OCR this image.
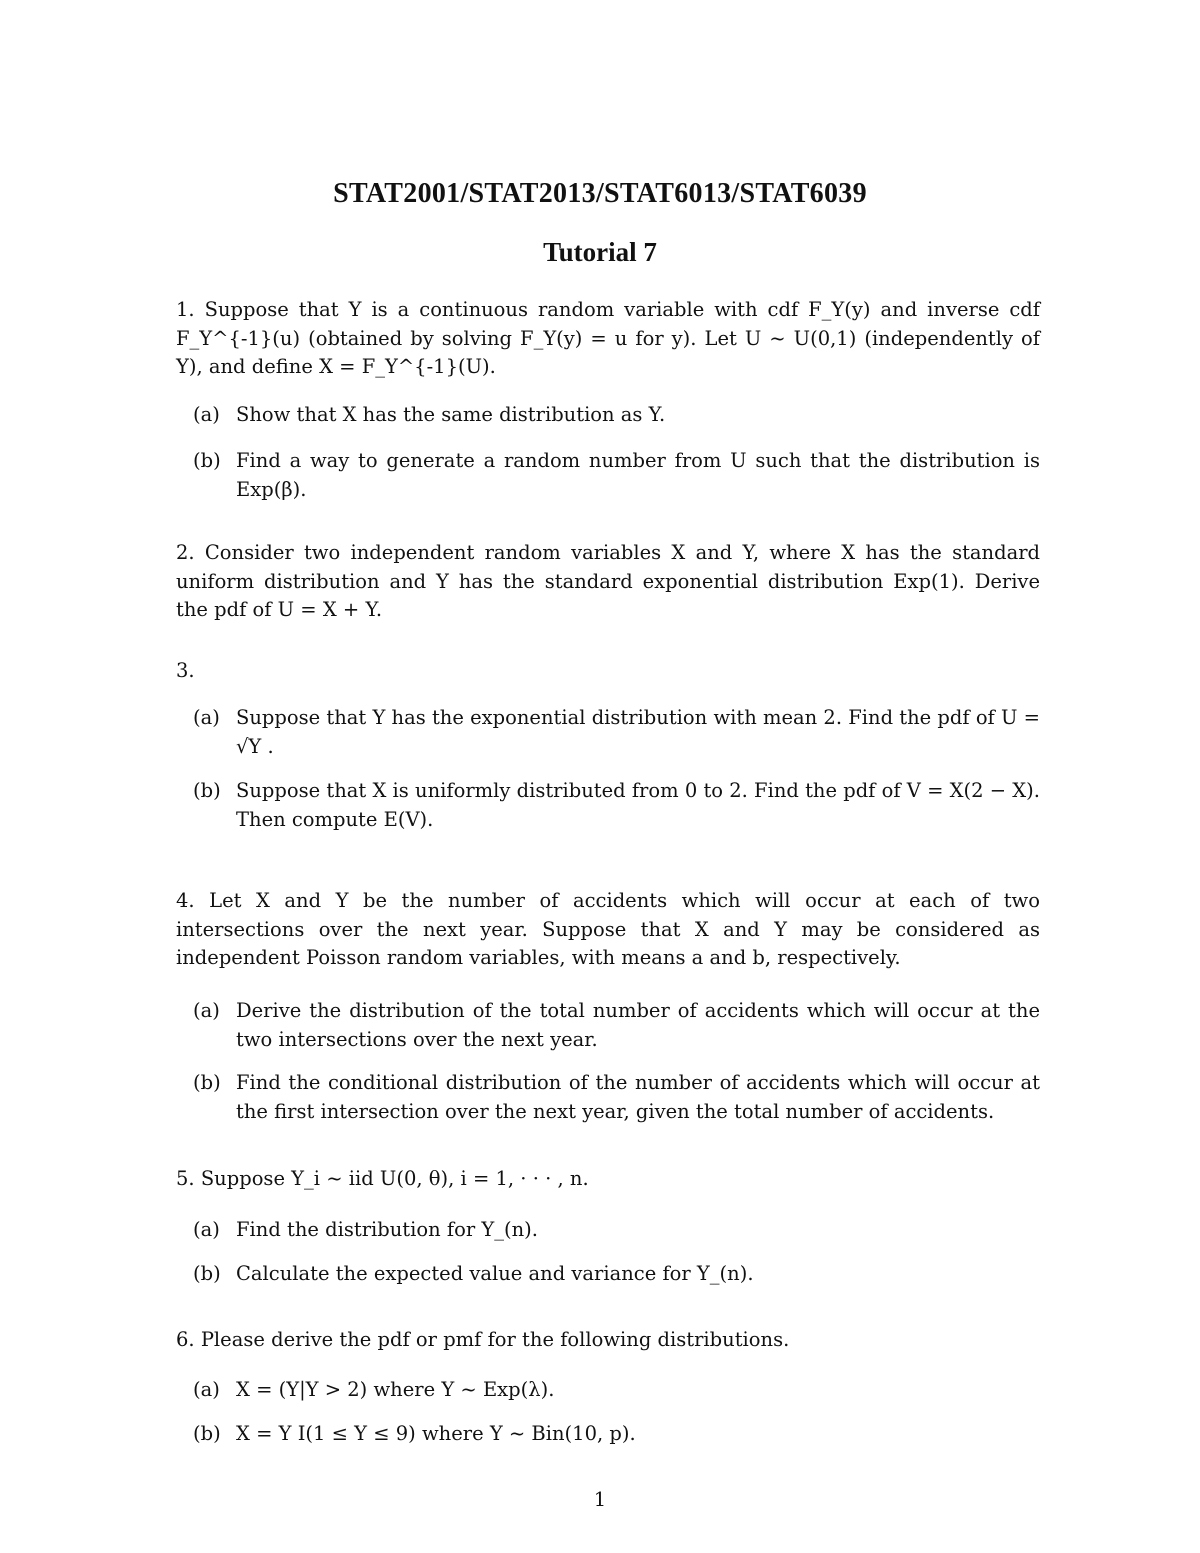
STAT2001/STAT2013/STAT6013/STAT6039
Tutorial 7
1. Suppose that Y is a continuous random variable with cdf F_Y(y) and inverse cdf F_Y^{-1}(u) (obtained by solving F_Y(y) = u for y). Let U ~ U(0,1) (independently of Y), and define X = F_Y^{-1}(U).
(a) Show that X has the same distribution as Y.
(b) Find a way to generate a random number from U such that the distribution is Exp(β).
2. Consider two independent random variables X and Y, where X has the standard uniform distribution and Y has the standard exponential distribution Exp(1). Derive the pdf of U = X + Y.
3.
(a) Suppose that Y has the exponential distribution with mean 2. Find the pdf of U = √Y .
(b) Suppose that X is uniformly distributed from 0 to 2. Find the pdf of V = X(2 − X). Then compute E(V).
4. Let X and Y be the number of accidents which will occur at each of two intersections over the next year. Suppose that X and Y may be considered as independent Poisson random variables, with means a and b, respectively.
(a) Derive the distribution of the total number of accidents which will occur at the two intersections over the next year.
(b) Find the conditional distribution of the number of accidents which will occur at the first intersection over the next year, given the total number of accidents.
5. Suppose Y_i ~ iid U(0, θ), i = 1, · · · , n.
(a) Find the distribution for Y_(n).
(b) Calculate the expected value and variance for Y_(n).
6. Please derive the pdf or pmf for the following distributions.
(a) X = (Y|Y > 2) where Y ~ Exp(λ).
(b) X = Y I(1 ≤ Y ≤ 9) where Y ~ Bin(10, p).
1
